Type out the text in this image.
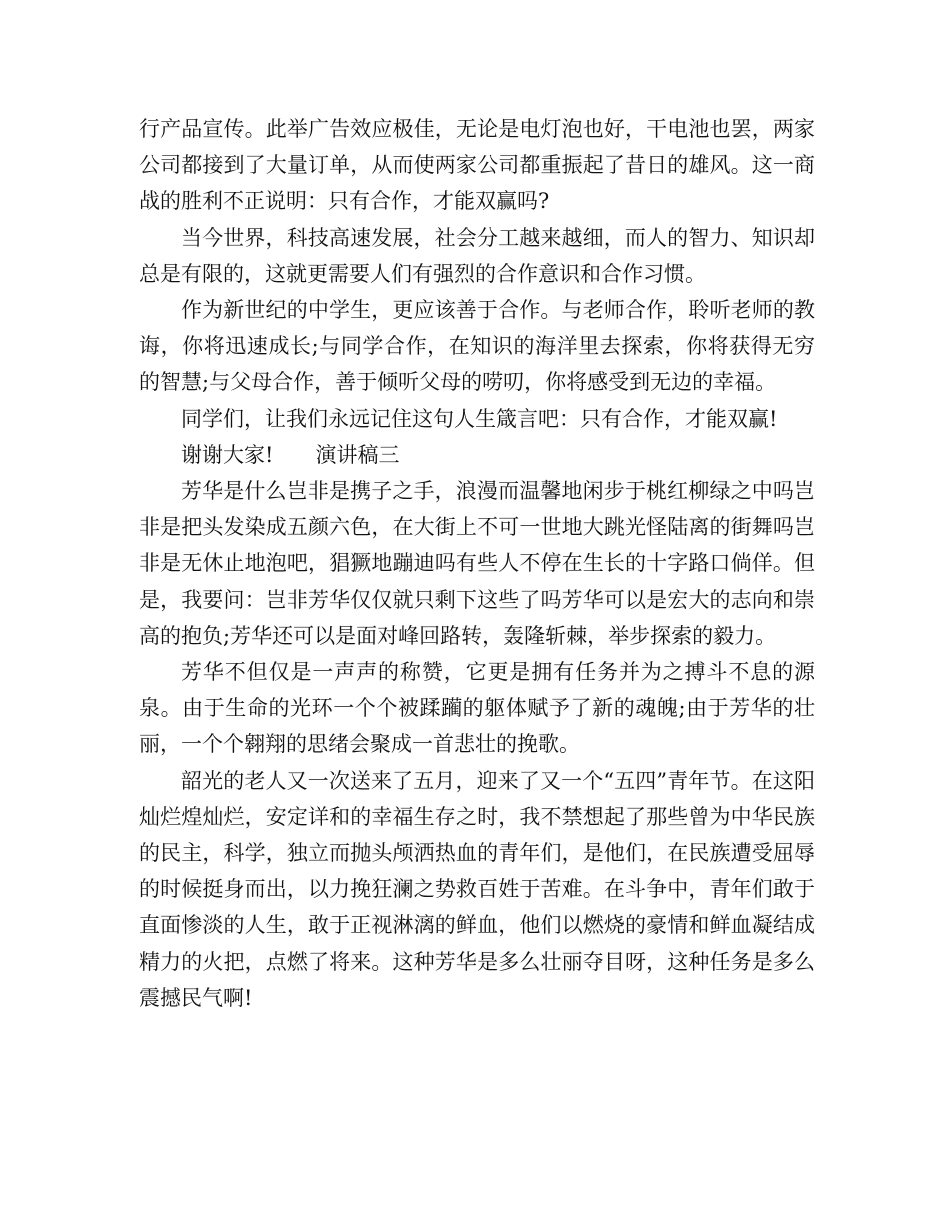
行产品宣传。此举广告效应极佳，无论是电灯泡也好，干电池也罢，两家公司都接到了大量订单，从而使两家公司都重振起了昔日的雄风。这一商战的胜利不正说明：只有合作，才能双赢吗?

当今世界，科技高速发展，社会分工越来越细，而人的智力、知识却总是有限的，这就更需要人们有强烈的合作意识和合作习惯。

作为新世纪的中学生，更应该善于合作。与老师合作，聆听老师的教诲，你将迅速成长;与同学合作，在知识的海洋里去探索，你将获得无穷的智慧;与父母合作，善于倾听父母的唠叨，你将感受到无边的幸福。

同学们，让我们永远记住这句人生箴言吧：只有合作，才能双赢!

谢谢大家!　　演讲稿三

芳华是什么岂非是携子之手，浪漫而温馨地闲步于桃红柳绿之中吗岂非是把头发染成五颜六色，在大街上不可一世地大跳光怪陆离的街舞吗岂非是无休止地泡吧，猖獗地蹦迪吗有些人不停在生长的十字路口倘佯。但是，我要问：岂非芳华仅仅就只剩下这些了吗芳华可以是宏大的志向和崇高的抱负;芳华还可以是面对峰回路转，轰隆斩棘，举步探索的毅力。

芳华不但仅是一声声的称赞，它更是拥有任务并为之搏斗不息的源泉。由于生命的光环一个个被蹂躏的躯体赋予了新的魂魄;由于芳华的壮丽，一个个翱翔的思绪会聚成一首悲壮的挽歌。

韶光的老人又一次送来了五月，迎来了又一个“五四”青年节。在这阳灿烂煌灿烂，安定详和的幸福生存之时，我不禁想起了那些曾为中华民族的民主，科学，独立而抛头颅洒热血的青年们，是他们，在民族遭受屈辱的时候挺身而出，以力挽狂澜之势救百姓于苦难。在斗争中，青年们敢于直面惨淡的人生，敢于正视淋漓的鲜血，他们以燃烧的豪情和鲜血凝结成精力的火把，点燃了将来。这种芳华是多么壮丽夺目呀，这种任务是多么震撼民气啊!
